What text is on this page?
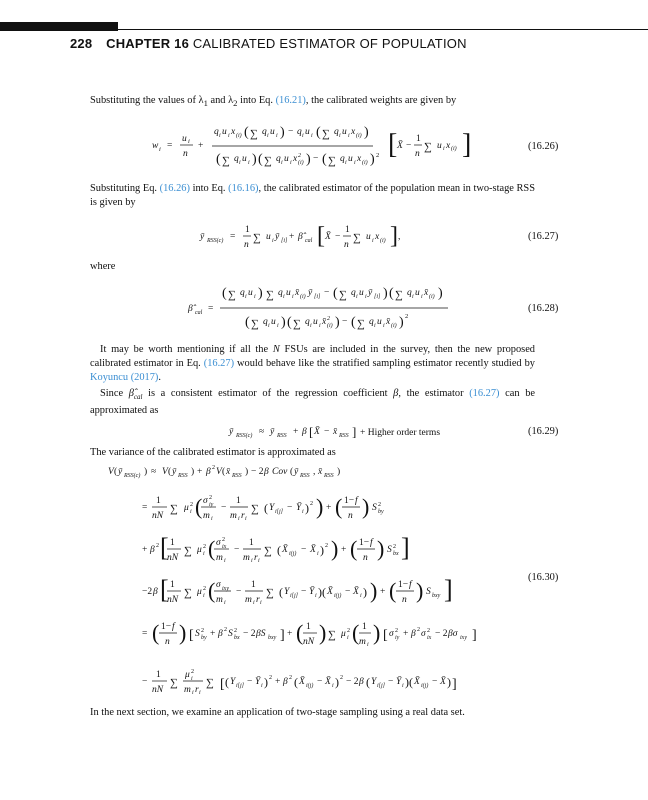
228 CHAPTER 16 CALIBRATED ESTIMATOR OF POPULATION
Substituting the values of $\lambda_1$ and $\lambda_2$ into Eq. (16.21), the calibrated weights are given by
w i =
u i
n
+
q i u i x (i) ( ∑ q i u i ) − q i u i ( ∑ q i u i x (i) )
( ∑ q i u i ) ( ∑ q i u i x 2
(i) ) − ( ∑ q i u i x (i) ) 2 [ X̄ −
1
n
∑ u i x (i) ]	(16.26)
Substituting Eq. (16.26) into Eq. (16.16), the calibrated estimator of the population mean in two-stage RSS is given by
ȳ RSS(c) =
1
n
∑ u i ȳ [i] + β̂ cal [ X̄ −
1
n
∑ u i x (i) ] ,	(16.27)
where
β̂ cal =
( ∑ q i u i ) ∑ q i u i x̄ (i) ȳ [i] − ( ∑ q i u i ȳ [i] ) ( ∑ q i u i x̄ (i) )
( ∑ q i u i ) ( ∑ q i u i x̄ 2
(i) ) − ( ∑ q i u i x̄ (i) ) 2
(16.28)
It may be worth mentioning if all the N FSUs are included in the survey, then the new proposed calibrated estimator in Eq. (16.27) would behave like the stratified sampling estimator recently studied by Koyuncu (2017).
Since $\betâ_{cal}$ is a consistent estimator of the regression coefficient β, the estimator (16.27) can be approximated as
ȳ RSS(c) ≈ ȳ RSS + β [ X̄ − x̄ RSS ] + Higher order terms	(16.29)
The variance of the calibrated estimator is approximated as
V ( ȳ RSS(c) ) ≈ V ( ȳ RSS ) + β 2 V ( x̄ RSS ) − 2 β Cov ( ȳ RSS , x̄ RSS )
=
1
nN
∑ μ 2
i ( σ 2
iy
m i
−
1
m i r i
∑ ( Y i[j] − Ȳ i ) 2 ) + ( 1− f
n ) S 2
by
+ β 2 [ 1
nN
∑ μ 2
i ( σ 2
ix
m i
−
1
m i r i
∑ ( X̄ i(j) − X̄ i ) 2 ) + ( 1− f
n ) S 2
bx ]
−2 β [ 1
nN
∑ μ 2
i ( σ ixy
m i
−
1
m i r i
∑ ( Y i[j] − Ȳ i )( X̄ i(j) − X̄ i ) ) + ( 1− f
n ) S bxy ]
= ( 1− f
n ) [ S 2
by + β 2 S 2
bx − 2 βS bxy ] + ( 1
nN ) ∑ μ 2
i ( 1
m i ) [ σ 2
iy + β 2 σ 2
ix − 2 βσ ixy ]
−
1
nN
∑
μ 2
i
m i r i
∑ [ ( Y i[j] − Ȳ i ) 2 + β 2 ( X̄ i(j) − X̄ i ) 2 − 2 β ( Y i[j] − Ȳ i )( X̄ i(j) − X̄ ) ]
(16.30)
In the next section, we examine an application of two-stage sampling using a real data set.
